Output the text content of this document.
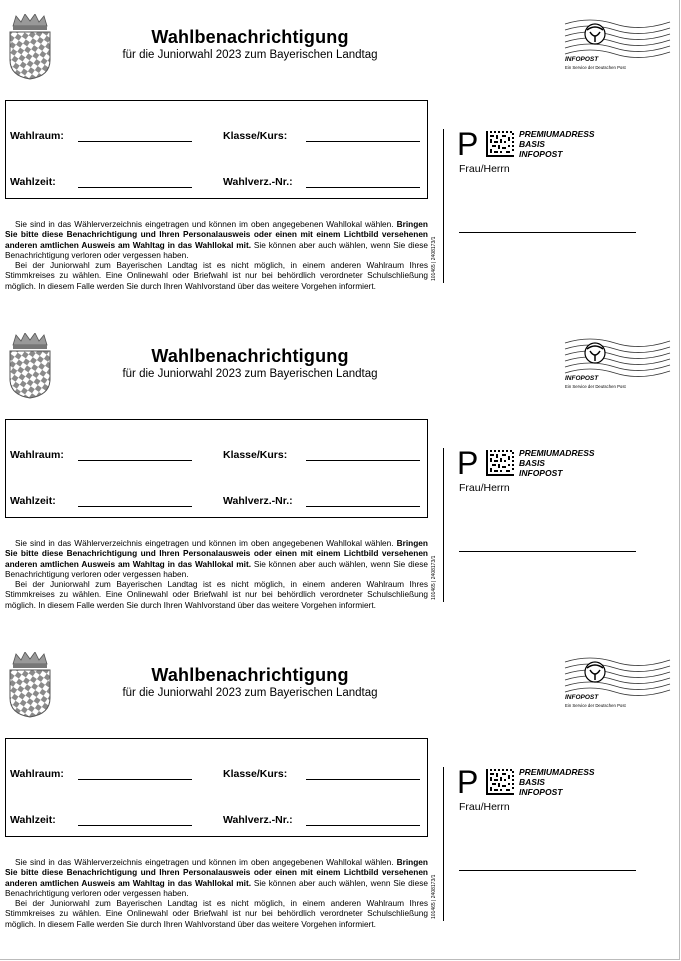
Wahlbenachrichtigung
für die Juniorwahl 2023 zum Bayerischen Landtag	INFOPOST
Ein Service der Deutschen Post
Wahlraum:	Klasse/Kurs:
Wahlzeit:	Wahlverz.-Nr.:
P	PREMIUMADRESS
BASIS
INFOPOST
Frau/Herrn
101465 | 2408173/1

Sie sind in das Wählerverzeichnis eingetragen und können im oben angegebenen Wahllokal wählen. Bringen Sie bitte diese Benachrichtigung und Ihren Personalausweis oder einen mit einem Lichtbild versehenen anderen amtlichen Ausweis am Wahltag in das Wahllokal mit. Sie können aber auch wählen, wenn Sie diese Benachrichtigung verloren oder vergessen haben.

Bei der Juniorwahl zum Bayerischen Landtag ist es nicht möglich, in einem anderen Wahlraum Ihres Stimmkreises zu wählen. Eine Onlinewahl oder Briefwahl ist nur bei behördlich verordneter Schulschließung möglich. In diesem Falle werden Sie durch Ihren Wahlvorstand über das weitere Vorgehen informiert.

Wahlbenachrichtigung
für die Juniorwahl 2023 zum Bayerischen Landtag	INFOPOST
Ein Service der Deutschen Post
Wahlraum:	Klasse/Kurs:
Wahlzeit:	Wahlverz.-Nr.:
P	PREMIUMADRESS
BASIS
INFOPOST
Frau/Herrn
101465 | 2408173/1

Sie sind in das Wählerverzeichnis eingetragen und können im oben angegebenen Wahllokal wählen. Bringen Sie bitte diese Benachrichtigung und Ihren Personalausweis oder einen mit einem Lichtbild versehenen anderen amtlichen Ausweis am Wahltag in das Wahllokal mit. Sie können aber auch wählen, wenn Sie diese Benachrichtigung verloren oder vergessen haben.

Bei der Juniorwahl zum Bayerischen Landtag ist es nicht möglich, in einem anderen Wahlraum Ihres Stimmkreises zu wählen. Eine Onlinewahl oder Briefwahl ist nur bei behördlich verordneter Schulschließung möglich. In diesem Falle werden Sie durch Ihren Wahlvorstand über das weitere Vorgehen informiert.

Wahlbenachrichtigung
für die Juniorwahl 2023 zum Bayerischen Landtag	INFOPOST
Ein Service der Deutschen Post
Wahlraum:	Klasse/Kurs:
Wahlzeit:	Wahlverz.-Nr.:
P	PREMIUMADRESS
BASIS
INFOPOST
Frau/Herrn
101465 | 2408173/1

Sie sind in das Wählerverzeichnis eingetragen und können im oben angegebenen Wahllokal wählen. Bringen Sie bitte diese Benachrichtigung und Ihren Personalausweis oder einen mit einem Lichtbild versehenen anderen amtlichen Ausweis am Wahltag in das Wahllokal mit. Sie können aber auch wählen, wenn Sie diese Benachrichtigung verloren oder vergessen haben.

Bei der Juniorwahl zum Bayerischen Landtag ist es nicht möglich, in einem anderen Wahlraum Ihres Stimmkreises zu wählen. Eine Onlinewahl oder Briefwahl ist nur bei behördlich verordneter Schulschließung möglich. In diesem Falle werden Sie durch Ihren Wahlvorstand über das weitere Vorgehen informiert.
